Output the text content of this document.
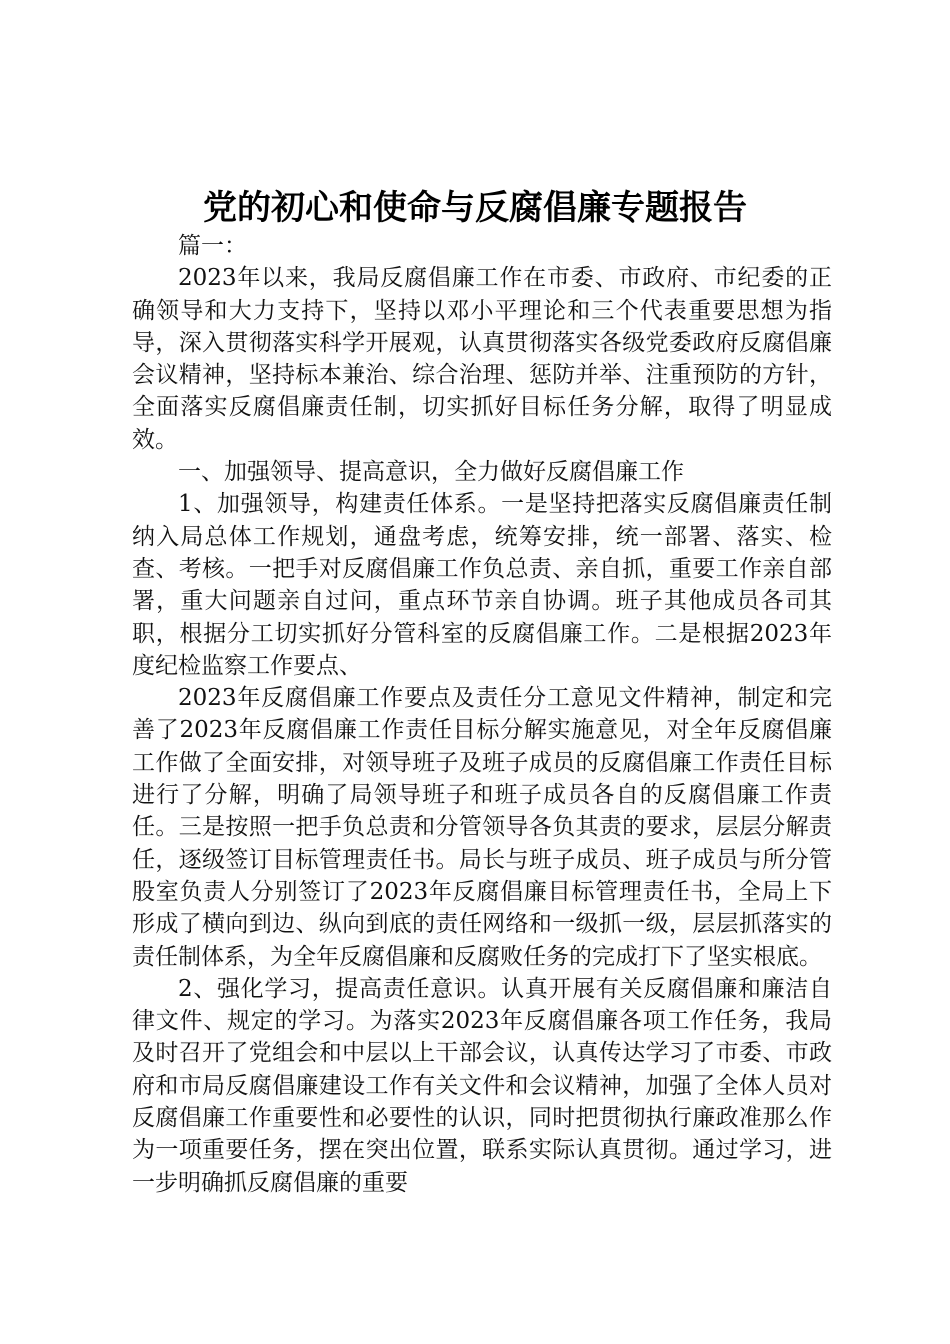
党的初心和使命与反腐倡廉专题报告

篇一：

2023年以来，我局反腐倡廉工作在市委、市政府、市纪委的正确领导和大力支持下，坚持以邓小平理论和三个代表重要思想为指导，深入贯彻落实科学开展观，认真贯彻落实各级党委政府反腐倡廉会议精神，坚持标本兼治、综合治理、惩防并举、注重预防的方针，全面落实反腐倡廉责任制，切实抓好目标任务分解，取得了明显成效。

一、加强领导、提高意识，全力做好反腐倡廉工作

1、加强领导，构建责任体系。一是坚持把落实反腐倡廉责任制纳入局总体工作规划，通盘考虑，统筹安排，统一部署、落实、检查、考核。一把手对反腐倡廉工作负总责、亲自抓，重要工作亲自部署，重大问题亲自过问，重点环节亲自协调。班子其他成员各司其职，根据分工切实抓好分管科室的反腐倡廉工作。二是根据2023年度纪检监察工作要点、

2023年反腐倡廉工作要点及责任分工意见文件精神，制定和完善了2023年反腐倡廉工作责任目标分解实施意见，对全年反腐倡廉工作做了全面安排，对领导班子及班子成员的反腐倡廉工作责任目标进行了分解，明确了局领导班子和班子成员各自的反腐倡廉工作责任。三是按照一把手负总责和分管领导各负其责的要求，层层分解责任，逐级签订目标管理责任书。局长与班子成员、班子成员与所分管股室负责人分别签订了2023年反腐倡廉目标管理责任书，全局上下形成了横向到边、纵向到底的责任网络和一级抓一级，层层抓落实的责任制体系，为全年反腐倡廉和反腐败任务的完成打下了坚实根底。

2、强化学习，提高责任意识。认真开展有关反腐倡廉和廉洁自律文件、规定的学习。为落实2023年反腐倡廉各项工作任务，我局及时召开了党组会和中层以上干部会议，认真传达学习了市委、市政府和市局反腐倡廉建设工作有关文件和会议精神，加强了全体人员对反腐倡廉工作重要性和必要性的认识，同时把贯彻执行廉政准那么作为一项重要任务，摆在突出位置，联系实际认真贯彻。通过学习，进一步明确抓反腐倡廉的重要
